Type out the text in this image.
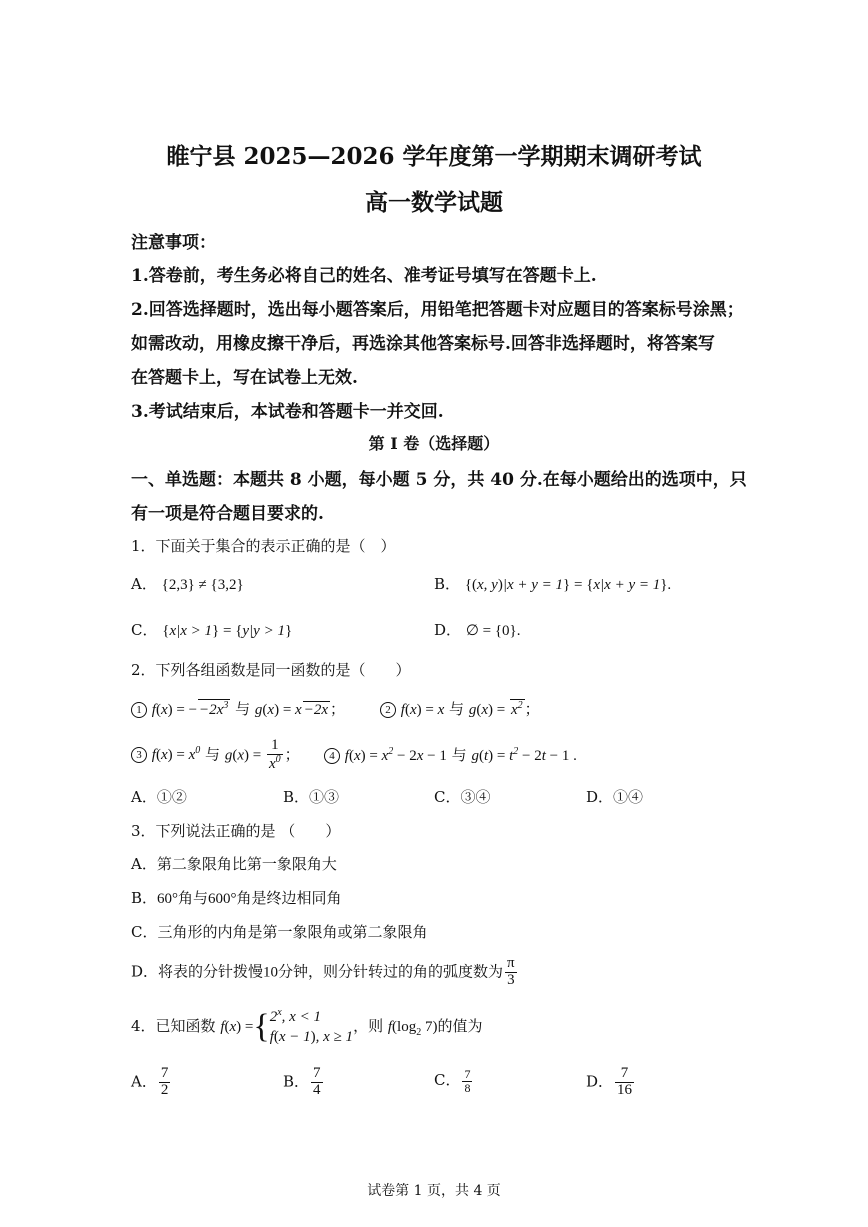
睢宁县 2025—2026 学年度第一学期期末调研考试
高一数学试题
注意事项：
1.答卷前，考生务必将自己的姓名、准考证号填写在答题卡上.
2.回答选择题时，选出每小题答案后，用铅笔把答题卡对应题目的答案标号涂黑；
如需改动，用橡皮擦干净后，再选涂其他答案标号.回答非选择题时，将答案写
在答题卡上，写在试卷上无效.
3.考试结束后，本试卷和答题卡一并交回.
第 I 卷（选择题）
一、单选题：本题共 8 小题，每小题 5 分，共 40 分.在每小题给出的选项中，只
有一项是符合题目要求的.
1．下面关于集合的表示正确的是（　）
A． {2,3} ≠ {3,2}	B． {(x, y)|x + y = 1} = {x|x + y = 1}.
C． {x|x > 1} = {y|y > 1}	D． ∅ = {0}.
2．下列各组函数是同一函数的是（　　）
1 f(x) = − $-2x^3$ 与 g(x) = x −2x ；	2 f(x) = x 与 $g(x) = x^2$ ；
3 $f(x) = x^0$ 与 $g(x) = \frac{1}{x^0}$ ；	4 $f(x) = x^2 - 2x - 1$ 与 $g(t) = t^2 - 2t - 1$ .
A．①②	B．①③	C．③④	D．①④
3．下列说法正确的是 （　　）
A．第二象限角比第一象限角大
B．60°角与600°角是终边相同角
C．三角形的内角是第一象限角或第二象限角
D．将表的分针拨慢10分钟，则分针转过的角的弧度数为 $\frac{\pi}{3}$
4．已知函数 f(x) ={ 2$^x$, x < 1
f(x − 1), x ≥ 1
，则 $f(\log_2$ 7)的值为
A． $\frac{7}{2}$	B． $\frac{7}{4}$	C． $\frac{7}{8}$	D． $\frac{7}{16}$
试卷第 1 页，共 4 页
